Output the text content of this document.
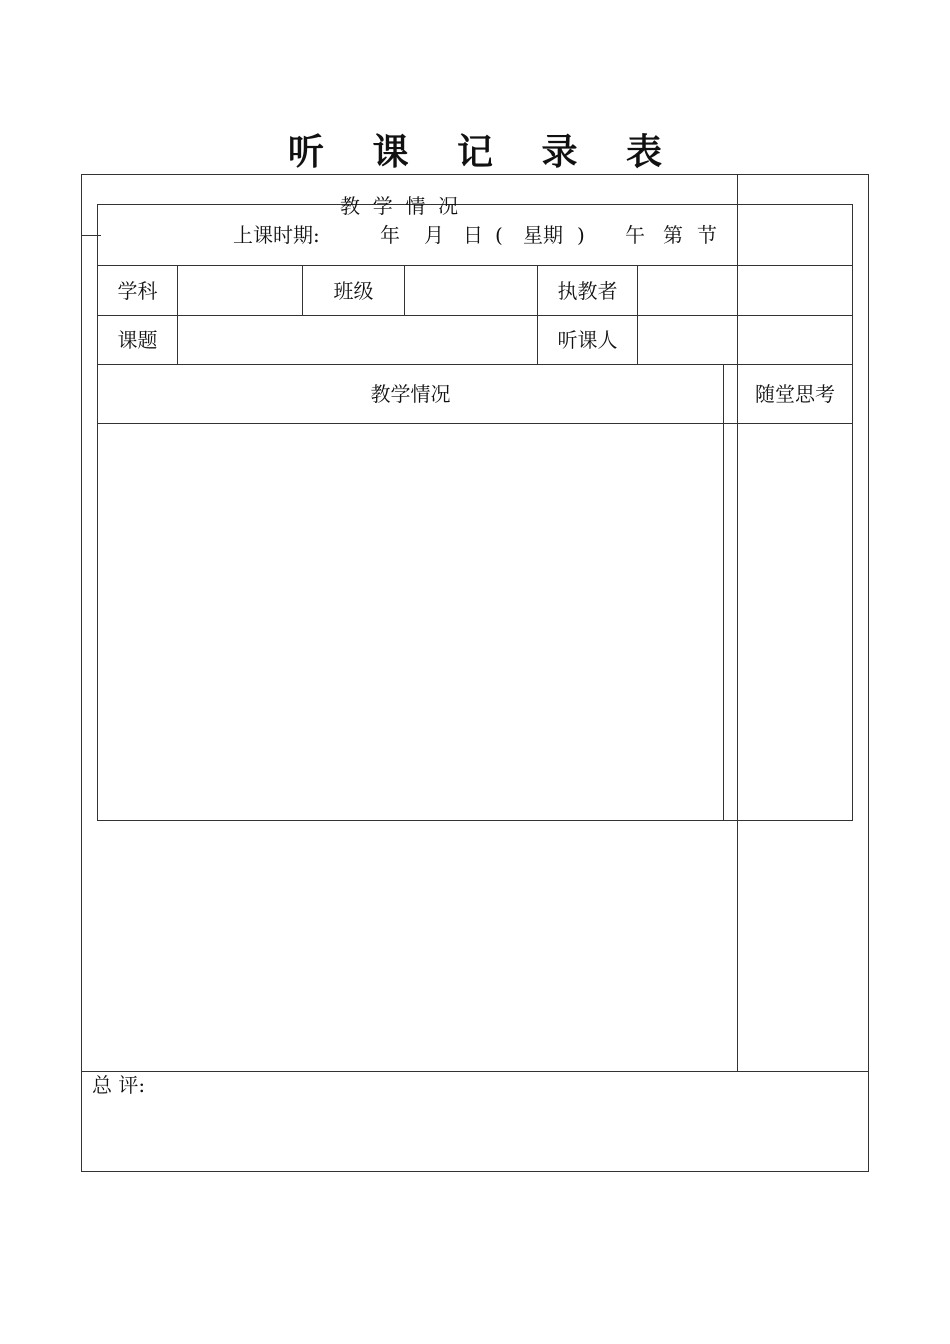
听 课 记 录 表
教  学  情  况
上课时期:	年 月 日 ( 星期 ) 午 第 节
学科	班级	执教者
课题	听课人
教学情况	随堂思考
总 评:
